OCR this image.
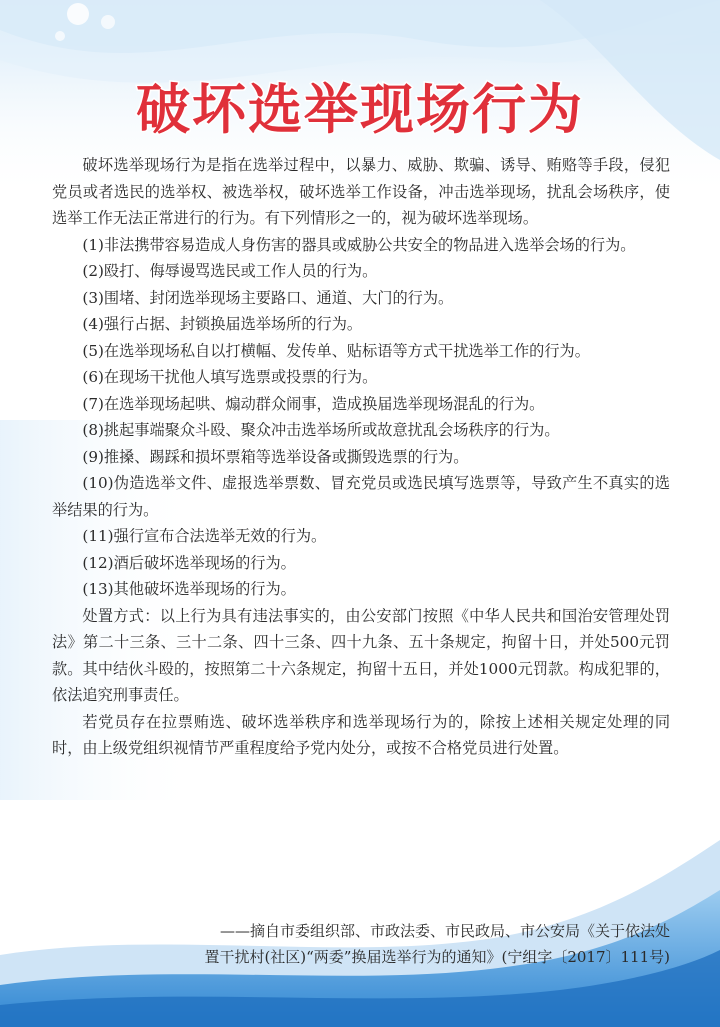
破坏选举现场行为

破坏选举现场行为是指在选举过程中，以暴力、威胁、欺骗、诱导、贿赂等手段，侵犯党员或者选民的选举权、被选举权，破坏选举工作设备，冲击选举现场，扰乱会场秩序，使选举工作无法正常进行的行为。有下列情形之一的，视为破坏选举现场。

(1)非法携带容易造成人身伤害的器具或威胁公共安全的物品进入选举会场的行为。

(2)殴打、侮辱谩骂选民或工作人员的行为。

(3)围堵、封闭选举现场主要路口、通道、大门的行为。

(4)强行占据、封锁换届选举场所的行为。

(5)在选举现场私自以打横幅、发传单、贴标语等方式干扰选举工作的行为。

(6)在现场干扰他人填写选票或投票的行为。

(7)在选举现场起哄、煽动群众闹事，造成换届选举现场混乱的行为。

(8)挑起事端聚众斗殴、聚众冲击选举场所或故意扰乱会场秩序的行为。

(9)推搡、踢踩和损坏票箱等选举设备或撕毁选票的行为。

(10)伪造选举文件、虚报选举票数、冒充党员或选民填写选票等，导致产生不真实的选举结果的行为。

(11)强行宣布合法选举无效的行为。

(12)酒后破坏选举现场的行为。

(13)其他破坏选举现场的行为。

处置方式：以上行为具有违法事实的，由公安部门按照《中华人民共和国治安管理处罚法》第二十三条、三十二条、四十三条、四十九条、五十条规定，拘留十日，并处500元罚款。其中结伙斗殴的，按照第二十六条规定，拘留十五日，并处1000元罚款。构成犯罪的，依法追究刑事责任。

若党员存在拉票贿选、破坏选举秩序和选举现场行为的，除按上述相关规定处理的同时，由上级党组织视情节严重程度给予党内处分，或按不合格党员进行处置。

——摘自市委组织部、市政法委、市民政局、市公安局《关于依法处

置干扰村(社区)“两委”换届选举行为的通知》(宁组字〔2017〕111号)
